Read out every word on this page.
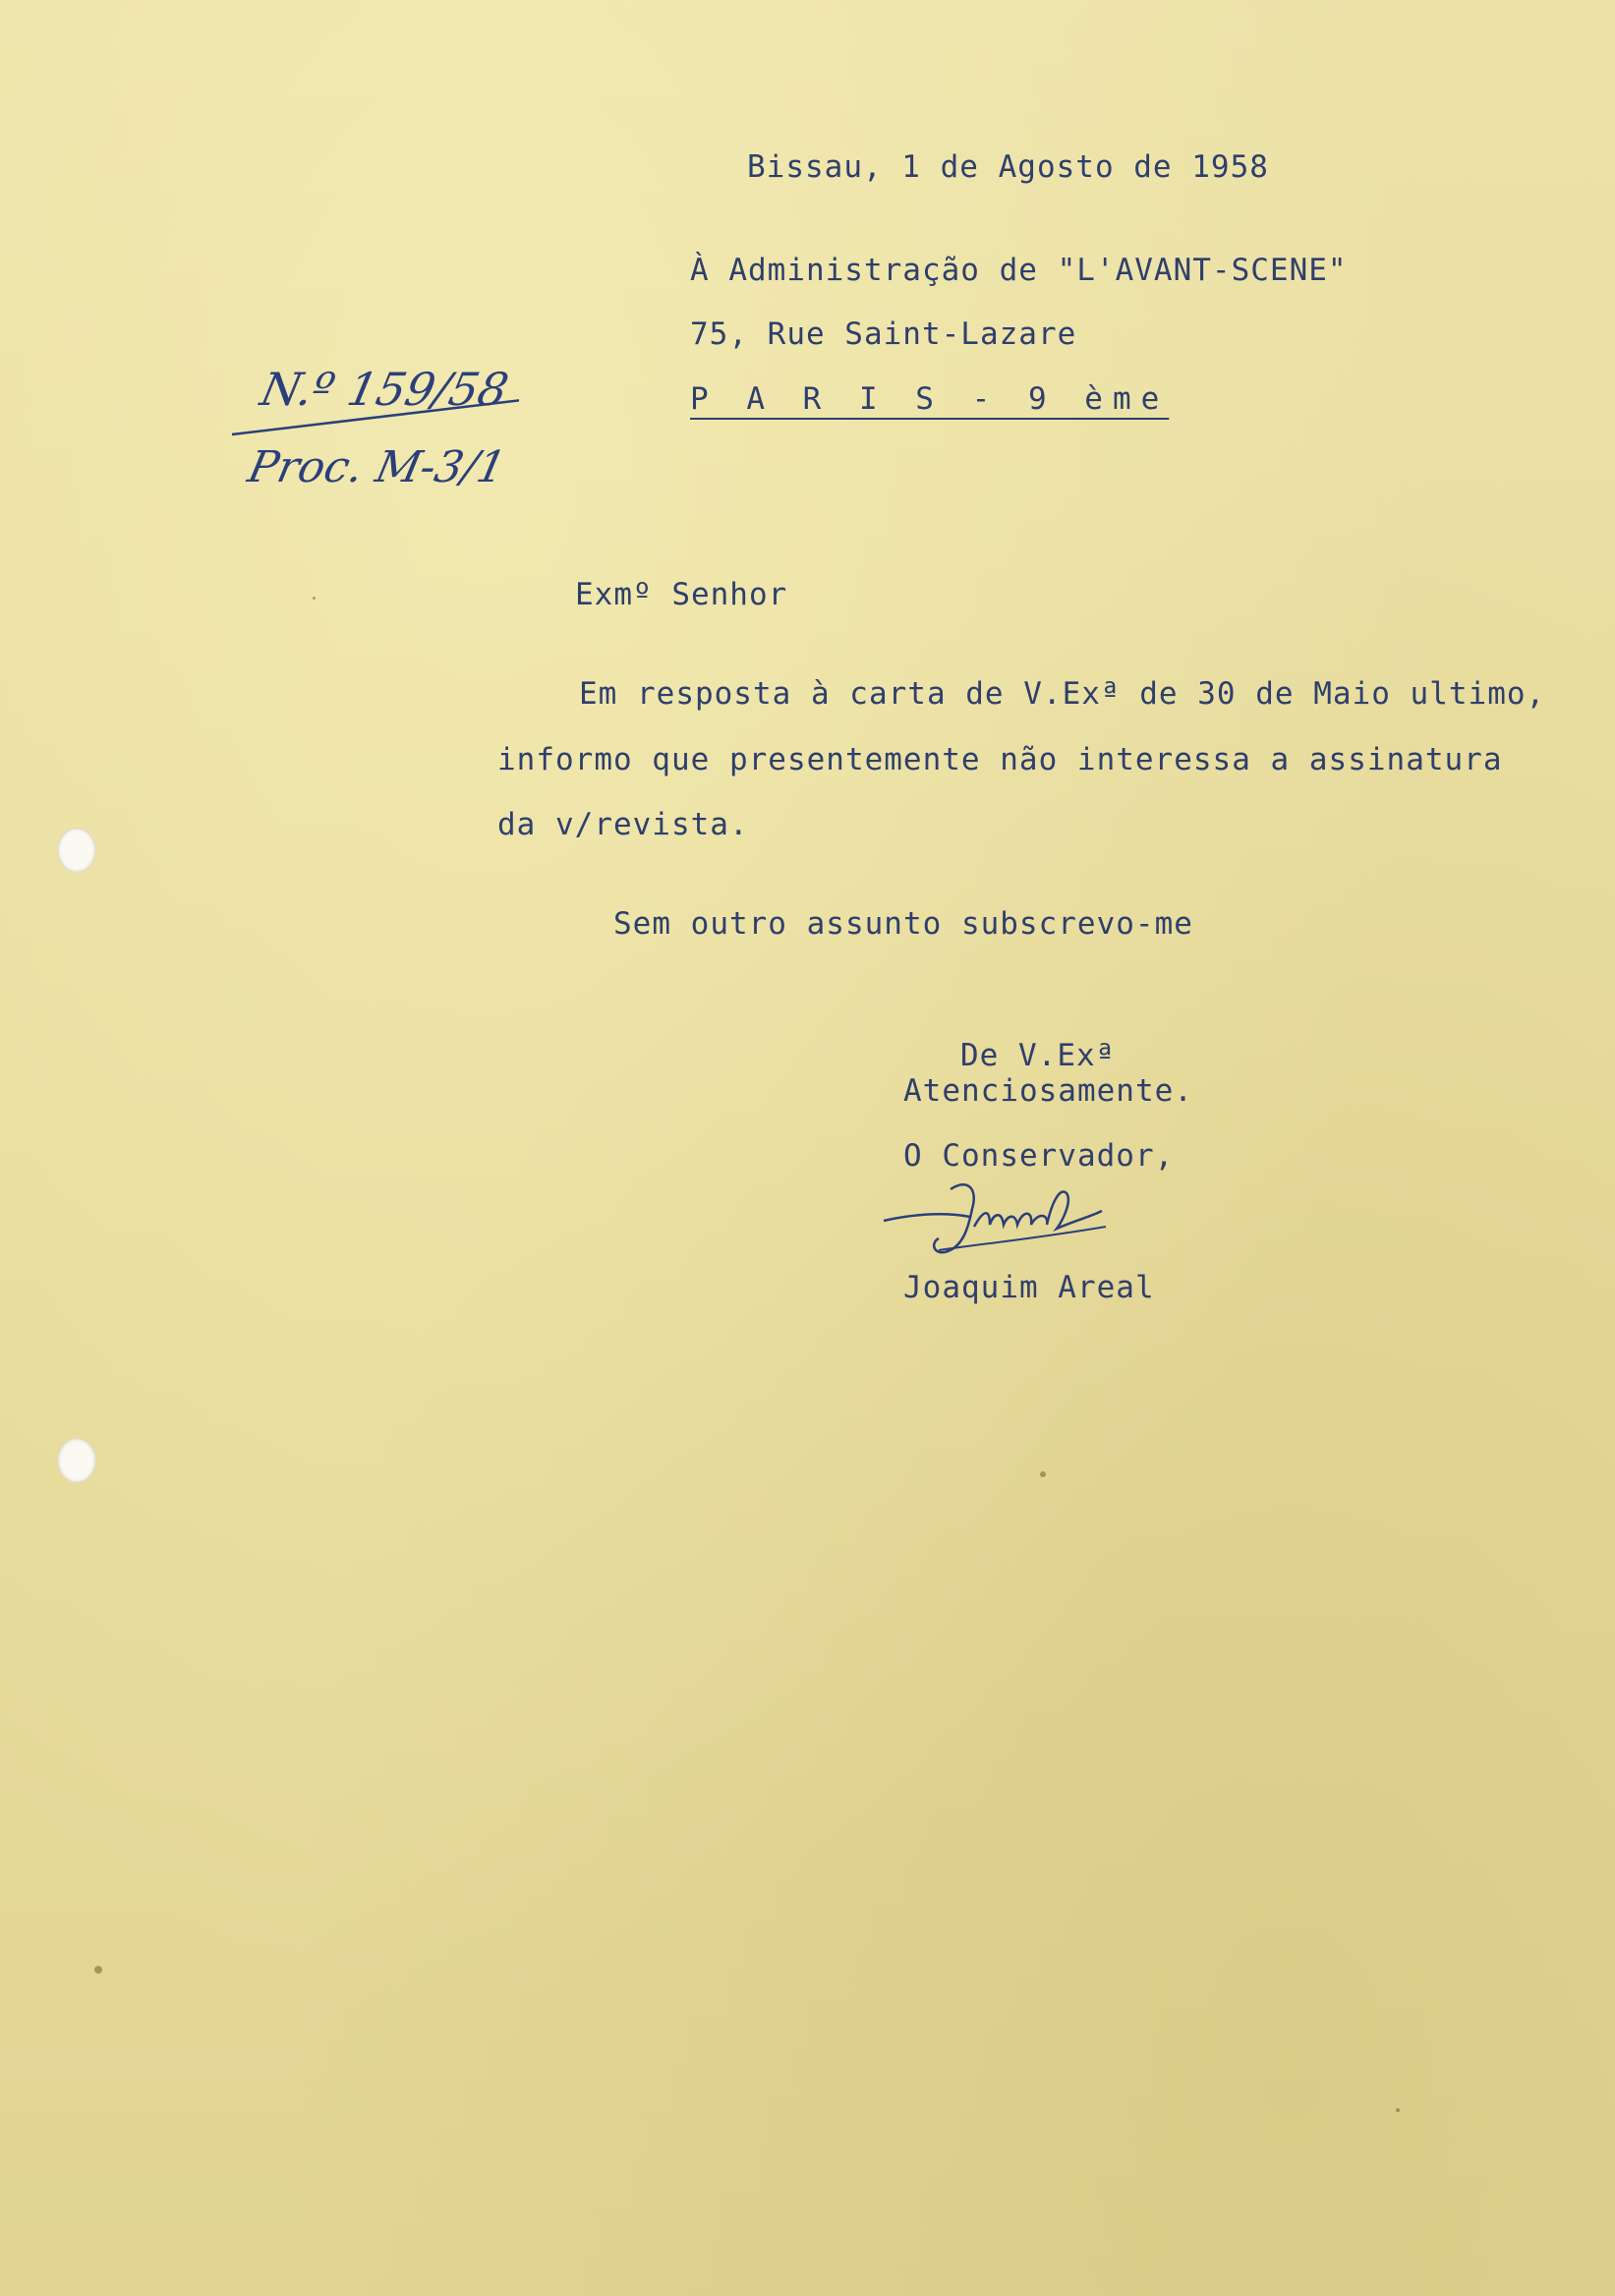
Bissau, 1 de Agosto de 1958

À Administração de "L'AVANT-SCENE"

75, Rue Saint-Lazare

P A R I S - 9 ème

N.º 159/58
Proc. M-3/1

Exmº Senhor

Em resposta à carta de V.Exª de 30 de Maio ultimo,

informo que presentemente não interessa a assinatura

da v/revista.

Sem outro assunto subscrevo-me

De V.Exª

Atenciosamente.

O Conservador,

Joaquim Areal
